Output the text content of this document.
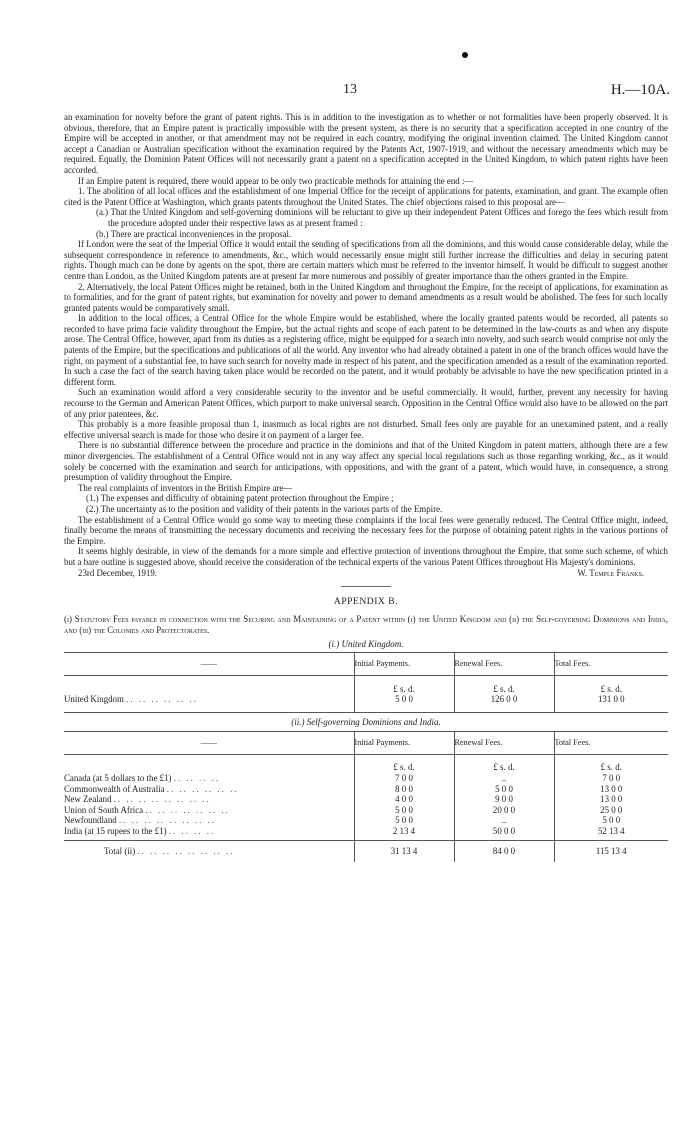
13	H.—10A.

an examination for novelty before the grant of patent rights. This is in addition to the investigation as to whether or not formalities have been properly observed. It is obvious, therefore, that an Empire patent is practically impossible with the present system, as there is no security that a specification accepted in one country of the Empire will be accepted in another, or that amendment may not be required in each country, modifying the original invention claimed. The United Kingdom cannot accept a Canadian or Australian specification without the examination required by the Patents Act, 1907-1919, and without the necessary amendments which may be required. Equally, the Dominion Patent Offices will not necessarily grant a patent on a specification accepted in the United Kingdom, to which patent rights have been accorded.

If an Empire patent is required, there would appear to be only two practicable methods for attaining the end :—

1. The abolition of all local offices and the establishment of one Imperial Office for the receipt of applications for patents, examination, and grant. The example often cited is the Patent Office at Washington, which grants patents throughout the United States. The chief objections raised to this proposal are—

(a.) That the United Kingdom and self-governing dominions will be reluctant to give up their independent Patent Offices and forego the fees which result from the procedure adopted under their respective laws as at present framed :

(b.) There are practical inconveniences in the proposal.

If London were the seat of the Imperial Office it would entail the sending of specifications from all the dominions, and this would cause considerable delay, while the subsequent correspondence in reference to amendments, &c., which would necessarily ensue might still further increase the difficulties and delay in securing patent rights. Though much can be done by agents on the spot, there are certain matters which must be referred to the inventor himself. It would be difficult to suggest another centre than London, as the United Kingdom patents are at present far more numerous and possibly of greater importance than the others granted in the Empire.

2. Alternatively, the local Patent Offices might be retained, both in the United Kingdom and throughout the Empire, for the receipt of applications, for examination as to formalities, and for the grant of patent rights, but examination for novelty and power to demand amendments as a result would be abolished. The fees for such locally granted patents would be comparatively small.

In addition to the local offices, a Central Office for the whole Empire would be established, where the locally granted patents would be recorded, all patents so recorded to have prima facie validity throughout the Empire, but the actual rights and scope of each patent to be determined in the law-courts as and when any dispute arose. The Central Office, however, apart from its duties as a registering office, might be equipped for a search into novelty, and such search would comprise not only the patents of the Empire, but the specifications and publications of all the world. Any inventor who had already obtained a patent in one of the branch offices would have the right, on payment of a substantial fee, to have such search for novelty made in respect of his patent, and the specification amended as a result of the examination reported. In such a case the fact of the search having taken place would be recorded on the patent, and it would probably be advisable to have the new specification printed in a different form.

Such an examination would afford a very considerable security to the inventor and be useful commercially. It would, further, prevent any necessity for having recourse to the German and American Patent Offices, which purport to make universal search. Opposition in the Central Office would also have to be allowed on the part of any prior patentees, &c.

This probably is a more feasible proposal than 1, inasmuch as local rights are not disturbed. Small fees only are payable for an unexamined patent, and a really effective universal search is made for those who desire it on payment of a larger fee.

There is no substantial difference between the procedure and practice in the dominions and that of the United Kingdom in patent matters, although there are a few minor divergencies. The establishment of a Central Office would not in any way affect any special local regulations such as those regarding working, &c., as it would solely be concerned with the examination and search for anticipations, with oppositions, and with the grant of a patent, which would have, in consequence, a strong presumption of validity throughout the Empire.

The real complaints of inventors in the British Empire are—

(1.) The expenses and difficulty of obtaining patent protection throughout the Empire ;

(2.) The uncertainty as to the position and validity of their patents in the various parts of the Empire.

The establishment of a Central Office would go some way to meeting these complaints if the local fees were generally reduced. The Central Office might, indeed, finally become the means of transmitting the necessary documents and receiving the necessary fees for the purpose of obtaining patent rights in the various portions of the Empire.

It seems highly desirable, in view of the demands for a more simple and effective protection of inventions throughout the Empire, that some such scheme, of which but a bare outline is suggested above, should receive the consideration of the technical experts of the various Patent Offices throughout His Majesty's dominions.

23rd December, 1919.	W. Temple Franks.
APPENDIX B.
(i) Statutory Fees payable in connection with the Securing and Maintaining of a Patent within (i) the United Kingdom and (ii) the Self-governing Dominions and India, and (iii) the Colonies and Protectorates.
(i.) United Kingdom.
——	Initial Payments.	Renewal Fees.	Total Fees.
	£ s. d.	£ s. d.	£ s. d.
United Kingdom .. .. .. .. .. ..	5 0 0	126 0 0	131 0 0
(ii.) Self-governing Dominions and India.
——	Initial Payments.	Renewal Fees.	Total Fees.
	£ s. d.	£ s. d.	£ s. d.
Canada (at 5 dollars to the £1) .. .. .. ..	7 0 0	..	7 0 0
Commonwealth of Australia .. .. .. .. .. ..	8 0 0	5 0 0	13 0 0
New Zealand .. .. .. .. .. .. .. ..	4 0 0	9 0 0	13 0 0
Union of South Africa .. .. .. .. .. .. ..	5 0 0	20 0 0	25 0 0
Newfoundland .. .. .. .. .. .. .. ..	5 0 0	..	5 0 0
India (at 15 rupees to the £1) .. .. .. ..	2 13 4	50 0 0	52 13 4
Total (ii) .. .. .. .. .. .. .. ..	31 13 4	84 0 0	115 13 4
